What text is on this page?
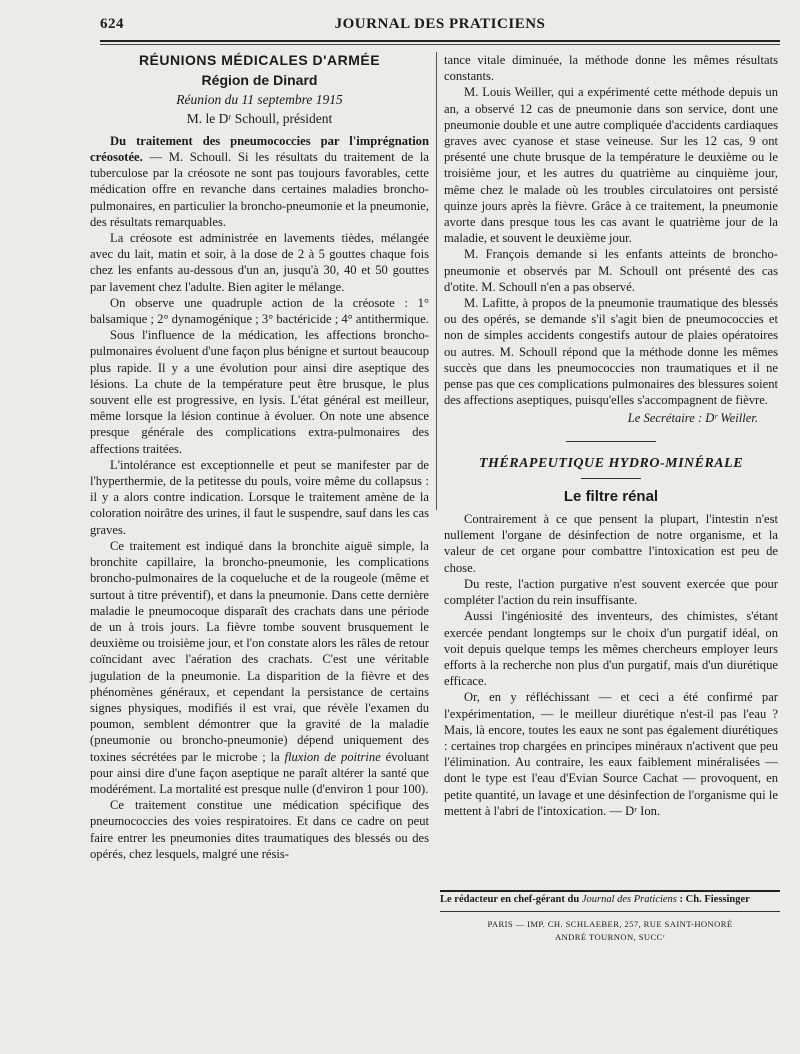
624	JOURNAL DES PRATICIENS
RÉUNIONS MÉDICALES D'ARMÉE
Région de Dinard
Réunion du 11 septembre 1915
M. le Dʳ Schoull, président

Du traitement des pneumococcies par l'imprégnation créosotée. — M. Schoull. Si les résultats du traitement de la tuberculose par la créosote ne sont pas toujours favorables, cette médication offre en revanche dans certaines maladies broncho-pulmonaires, en particulier la broncho-pneumonie et la pneumonie, des résultats remarquables.

La créosote est administrée en lavements tièdes, mélangée avec du lait, matin et soir, à la dose de 2 à 5 gouttes chaque fois chez les enfants au-dessous d'un an, jusqu'à 30, 40 et 50 gouttes par lavement chez l'adulte. Bien agiter le mélange.

On observe une quadruple action de la créosote : 1° balsamique ; 2° dynamogénique ; 3° bactéricide ; 4° antithermique.

Sous l'influence de la médication, les affections broncho-pulmonaires évoluent d'une façon plus bénigne et surtout beaucoup plus rapide. Il y a une évolution pour ainsi dire aseptique des lésions. La chute de la température peut être brusque, le plus souvent elle est progressive, en lysis. L'état général est meilleur, même lorsque la lésion continue à évoluer. On note une absence presque générale des complications extra-pulmonaires des affections traitées.

L'intolérance est exceptionnelle et peut se manifester par de l'hyperthermie, de la petitesse du pouls, voire même du collapsus : il y a alors contre indication. Lorsque le traitement amène de la coloration noirâtre des urines, il faut le suspendre, sauf dans les cas graves.

Ce traitement est indiqué dans la bronchite aiguë simple, la bronchite capillaire, la broncho-pneumonie, les complications broncho-pulmonaires de la coqueluche et de la rougeole (même et surtout à titre préventif), et dans la pneumonie. Dans cette dernière maladie le pneumocoque disparaît des crachats dans une période de un à trois jours. La fièvre tombe souvent brusquement le deuxième ou troisième jour, et l'on constate alors les râles de retour coïncidant avec l'aération des crachats. C'est une véritable jugulation de la pneumonie. La disparition de la fièvre et des phénomènes généraux, et cependant la persistance de certains signes physiques, modifiés il est vrai, que révèle l'examen du poumon, semblent démontrer que la gravité de la maladie (pneumonie ou broncho-pneumonie) dépend uniquement des toxines sécrétées par le microbe ; la fluxion de poitrine évoluant pour ainsi dire d'une façon aseptique ne paraît altérer la santé que modérément. La mortalité est presque nulle (d'environ 1 pour 100).

Ce traitement constitue une médication spécifique des pneumococcies des voies respiratoires. Et dans ce cadre on peut faire entrer les pneumonies dites traumatiques des blessés ou des opérés, chez lesquels, malgré une résis-

tance vitale diminuée, la méthode donne les mêmes résultats constants.

M. Louis Weiller, qui a expérimenté cette méthode depuis un an, a observé 12 cas de pneumonie dans son service, dont une pneumonie double et une autre compliquée d'accidents cardiaques graves avec cyanose et stase veineuse. Sur les 12 cas, 9 ont présenté une chute brusque de la température le deuxième ou le troisième jour, et les autres du quatrième au cinquième jour, même chez le malade où les troubles circulatoires ont persisté quinze jours après la fièvre. Grâce à ce traitement, la pneumonie avorte dans presque tous les cas avant le quatrième jour de la maladie, et souvent le deuxième jour.

M. François demande si les enfants atteints de broncho-pneumonie et observés par M. Schoull ont présenté des cas d'otite. M. Schoull n'en a pas observé.

M. Lafitte, à propos de la pneumonie traumatique des blessés ou des opérés, se demande s'il s'agit bien de pneumococcies et non de simples accidents congestifs autour de plaies opératoires ou autres. M. Schoull répond que la méthode donne les mêmes succès que dans les pneumococcies non traumatiques et il ne pense pas que ces complications pulmonaires des blessures soient des affections aseptiques, puisqu'elles s'accompagnent de fièvre.

Le Secrétaire : Dʳ Weiller.
THÉRAPEUTIQUE HYDRO-MINÉRALE
Le filtre rénal

Contrairement à ce que pensent la plupart, l'intestin n'est nullement l'organe de désinfection de notre organisme, et la valeur de cet organe pour combattre l'intoxication est peu de chose.

Du reste, l'action purgative n'est souvent exercée que pour compléter l'action du rein insuffisante.

Aussi l'ingéniosité des inventeurs, des chimistes, s'étant exercée pendant longtemps sur le choix d'un purgatif idéal, on voit depuis quelque temps les mêmes chercheurs employer leurs efforts à la recherche non plus d'un purgatif, mais d'un diurétique efficace.

Or, en y réfléchissant — et ceci a été confirmé par l'expérimentation, — le meilleur diurétique n'est-il pas l'eau ? Mais, là encore, toutes les eaux ne sont pas également diurétiques : certaines trop chargées en principes minéraux n'activent que peu l'élimination. Au contraire, les eaux faiblement minéralisées — dont le type est l'eau d'Evian Source Cachat — provoquent, en petite quantité, un lavage et une désinfection de l'organisme qui le mettent à l'abri de l'intoxication. — Dʳ Ion.

Le rédacteur en chef-gérant du Journal des Praticiens : Ch. Fiessinger
PARIS — IMP. CH. SCHLAEBER, 257, RUE SAINT-HONORÉ
ANDRÉ TOURNON, SUCCʳ
